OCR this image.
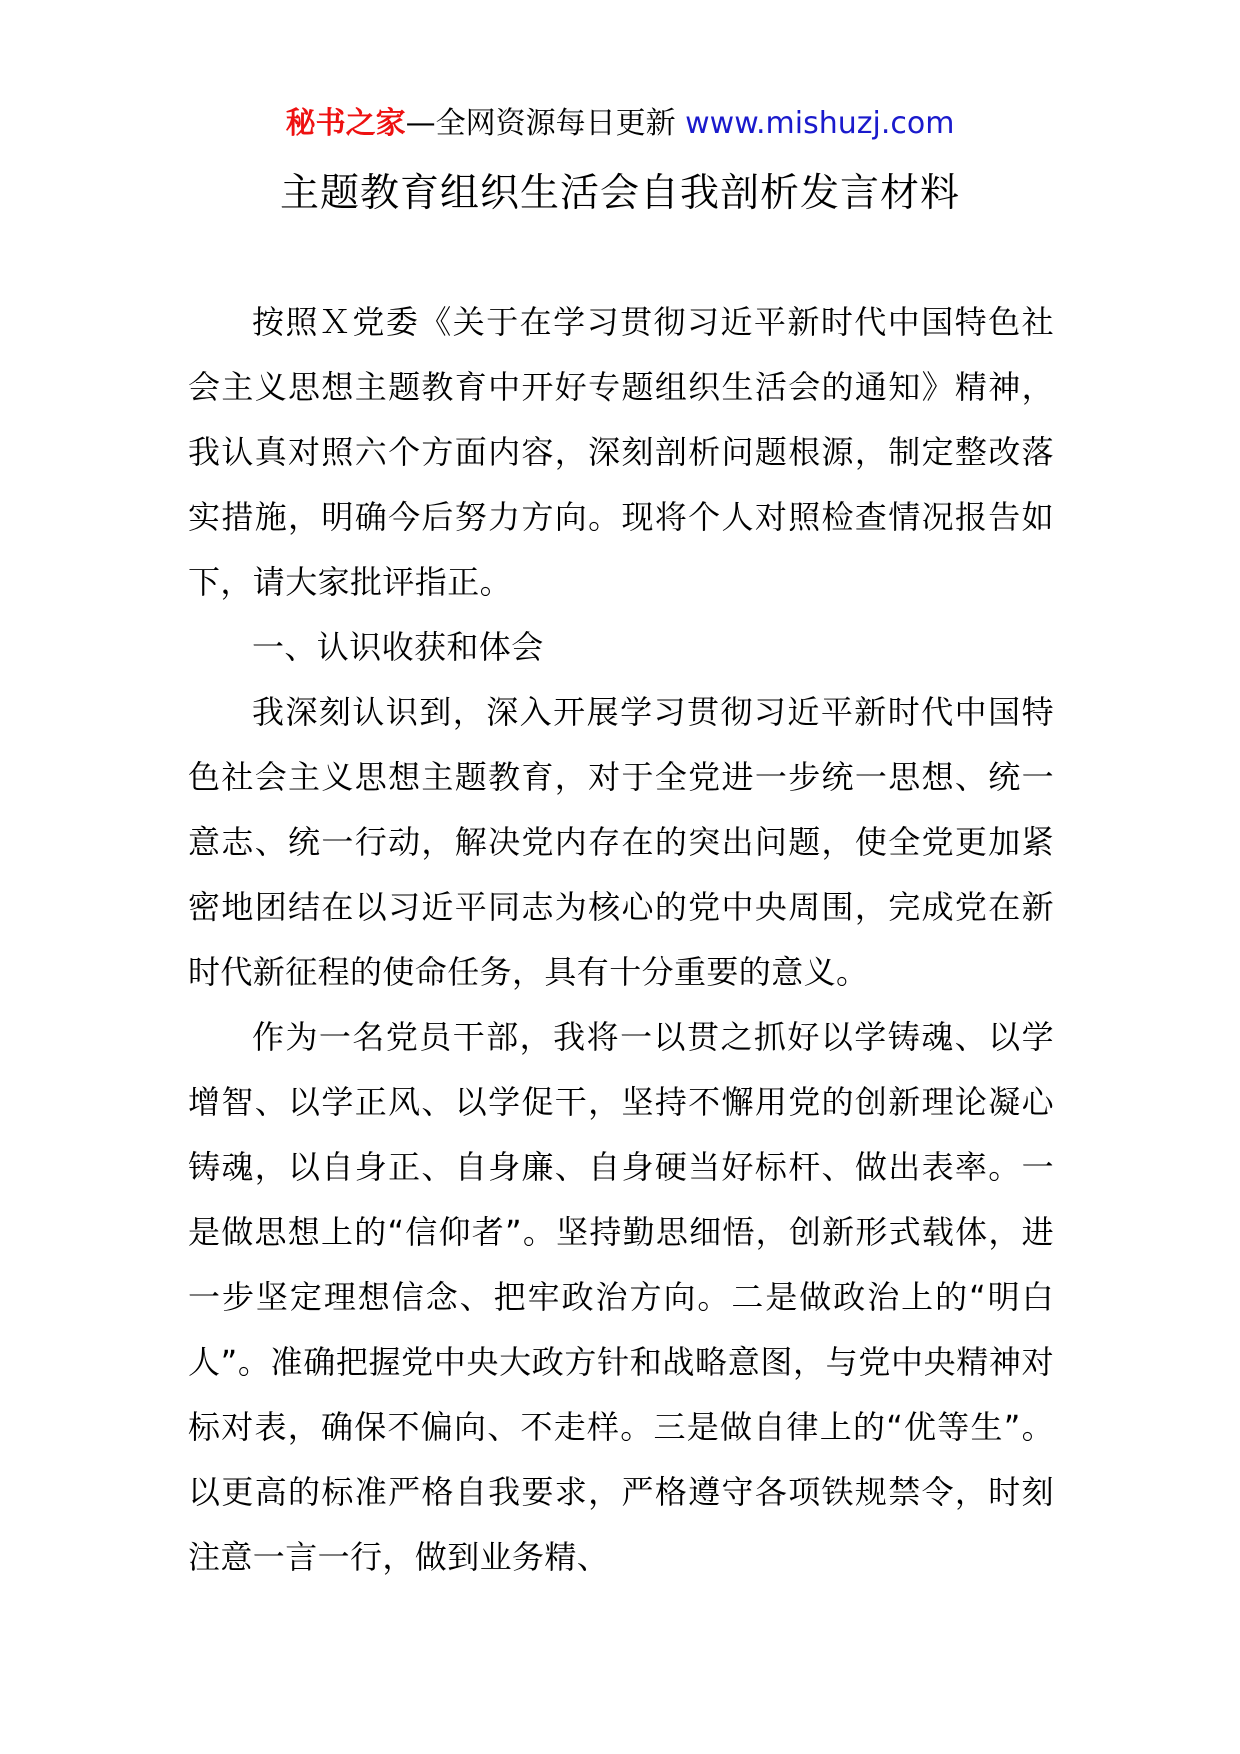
秘书之家—全网资源每日更新 www.mishuzj.com
主题教育组织生活会自我剖析发言材料

按照Ｘ党委《关于在学习贯彻习近平新时代中国特色社会主义思想主题教育中开好专题组织生活会的通知》精神，我认真对照六个方面内容，深刻剖析问题根源，制定整改落实措施，明确今后努力方向。现将个人对照检查情况报告如下，请大家批评指正。

一、认识收获和体会

我深刻认识到，深入开展学习贯彻习近平新时代中国特色社会主义思想主题教育，对于全党进一步统一思想、统一意志、统一行动，解决党内存在的突出问题，使全党更加紧密地团结在以习近平同志为核心的党中央周围，完成党在新时代新征程的使命任务，具有十分重要的意义。

作为一名党员干部，我将一以贯之抓好以学铸魂、以学增智、以学正风、以学促干，坚持不懈用党的创新理论凝心铸魂，以自身正、自身廉、自身硬当好标杆、做出表率。一是做思想上的“信仰者”。坚持勤思细悟，创新形式载体，进一步坚定理想信念、把牢政治方向。二是做政治上的“明白人”。准确把握党中央大政方针和战略意图，与党中央精神对标对表，确保不偏向、不走样。三是做自律上的“优等生”。以更高的标准严格自我要求，严格遵守各项铁规禁令，时刻注意一言一行，做到业务精、
